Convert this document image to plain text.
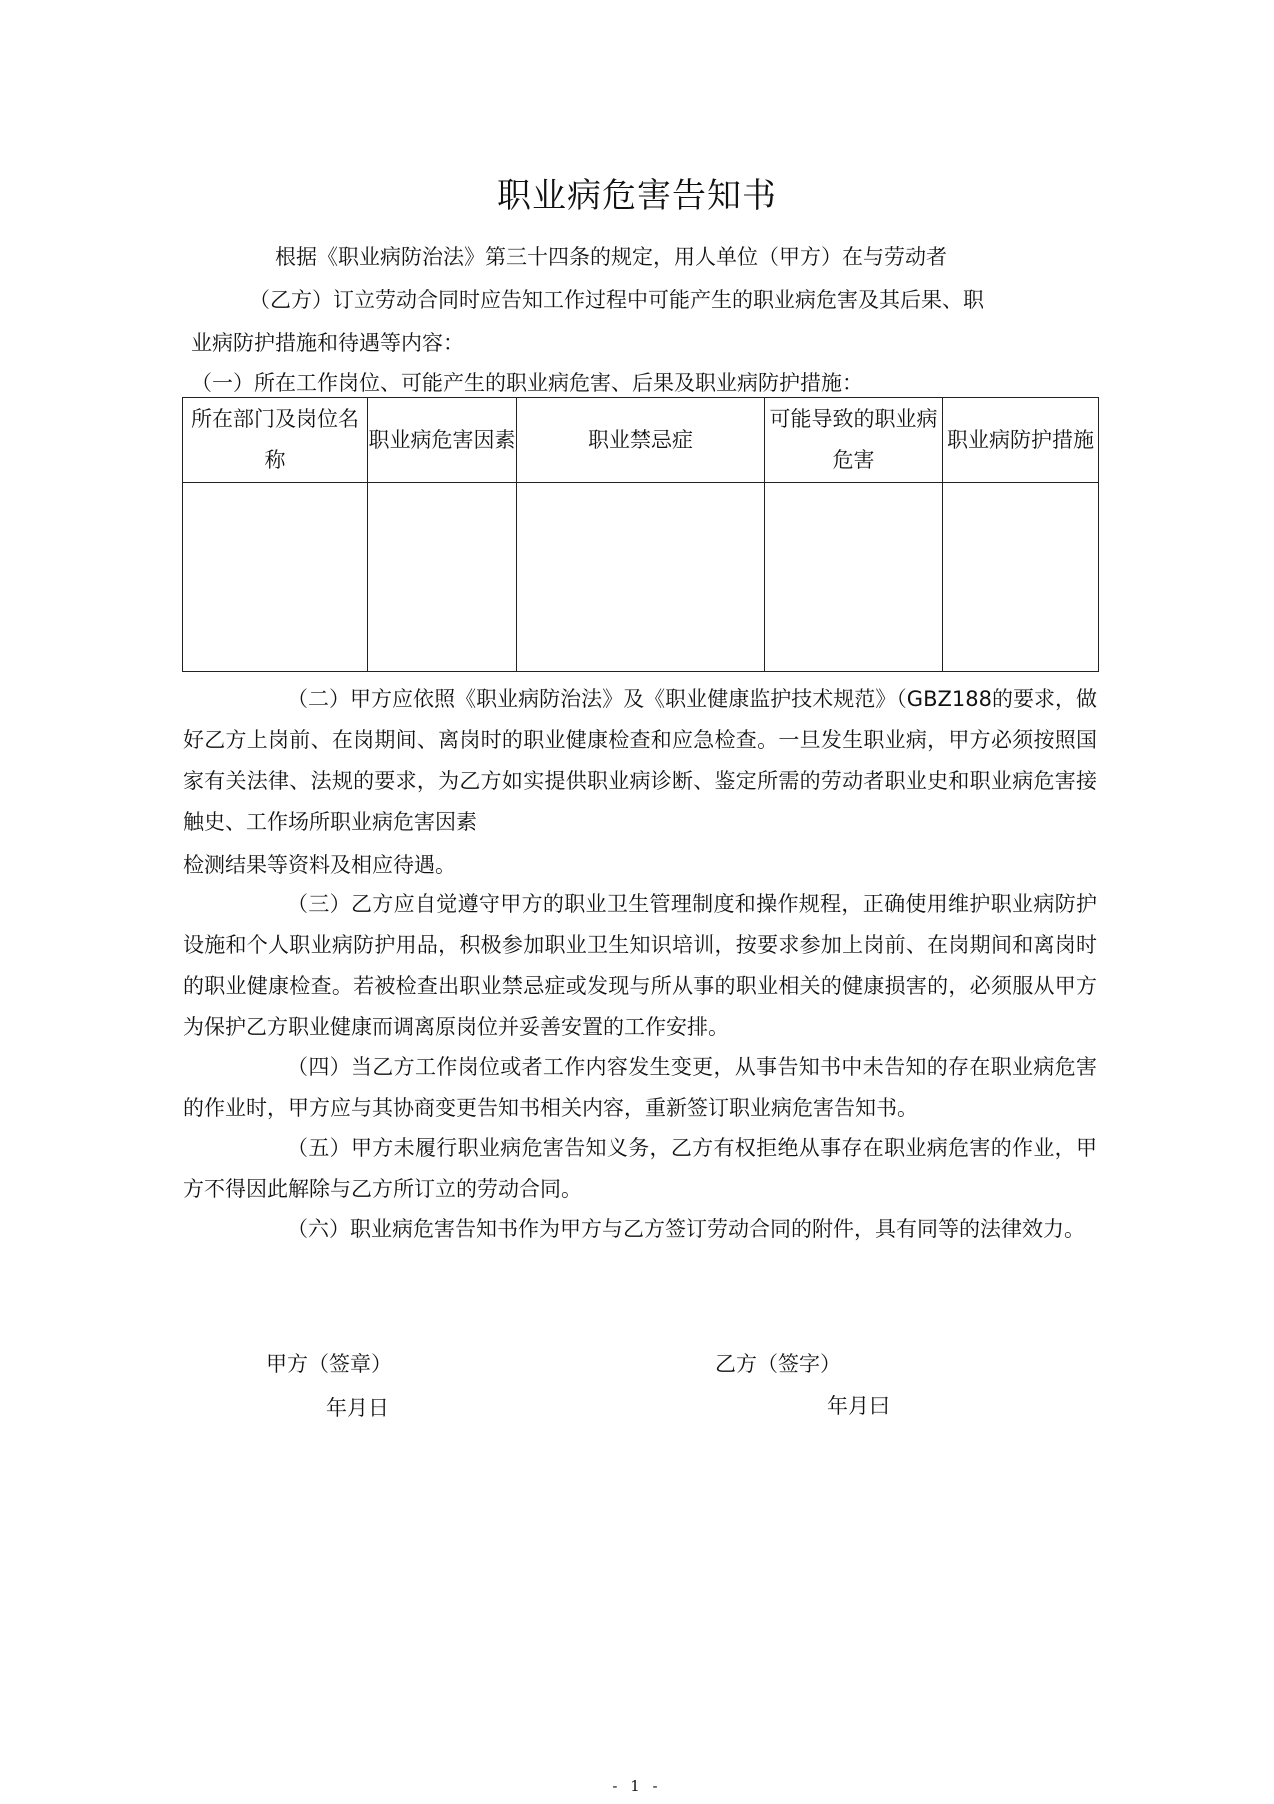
职业病危害告知书
根据《职业病防治法》第三十四条的规定，用人单位（甲方）在与劳动者
（乙方）订立劳动合同时应告知工作过程中可能产生的职业病危害及其后果、职
业病防护措施和待遇等内容：
（一）所在工作岗位、可能产生的职业病危害、后果及职业病防护措施：
所在部门及岗位名称	职业病危害因素	职业禁忌症	可能导致的职业病危害	职业病防护措施

（二）甲方应依照《职业病防治法》及《职业健康监护技术规范》（GBZ188的要求，做好乙方上岗前、在岗期间、离岗时的职业健康检查和应急检查。一旦发生职业病，甲方必须按照国家有关法律、法规的要求，为乙方如实提供职业病诊断、鉴定所需的劳动者职业史和职业病危害接触史、工作场所职业病危害因素
检测结果等资料及相应待遇。
（三）乙方应自觉遵守甲方的职业卫生管理制度和操作规程，正确使用维护职业病防护设施和个人职业病防护用品，积极参加职业卫生知识培训，按要求参加上岗前、在岗期间和离岗时的职业健康检查。若被检查出职业禁忌症或发现与所从事的职业相关的健康损害的，必须服从甲方为保护乙方职业健康而调离原岗位并妥善安置的工作安排。
（四）当乙方工作岗位或者工作内容发生变更，从事告知书中未告知的存在职业病危害的作业时，甲方应与其协商变更告知书相关内容，重新签订职业病危害告知书。
（五）甲方未履行职业病危害告知义务，乙方有权拒绝从事存在职业病危害的作业，甲方不得因此解除与乙方所订立的劳动合同。
（六）职业病危害告知书作为甲方与乙方签订劳动合同的附件，具有同等的法律效力。
甲方（签章）
年月日
乙方（签字）
年月曰
- 1 -
